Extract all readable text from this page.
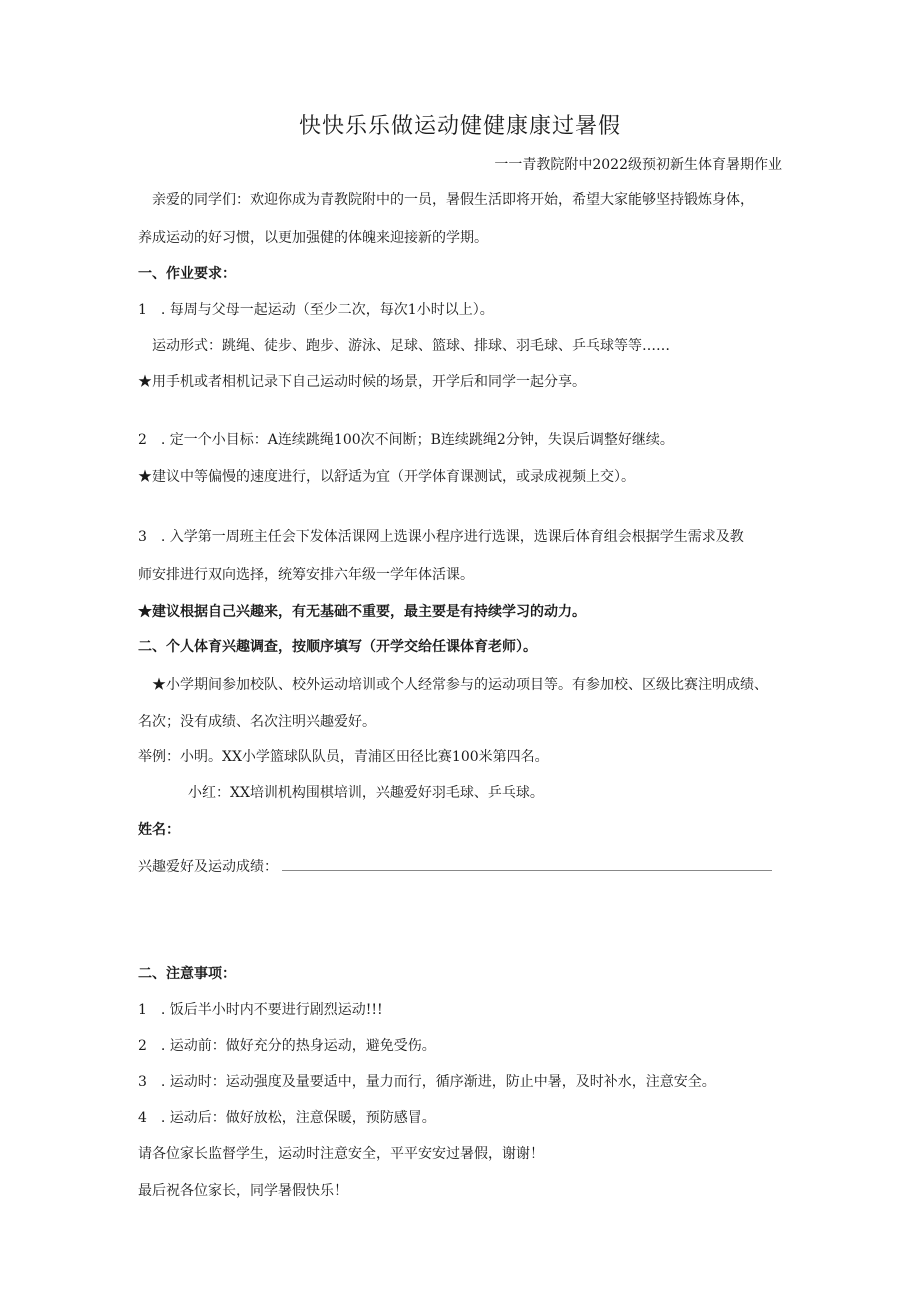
快快乐乐做运动健健康康过暑假
一一青教院附中2022级预初新生体育暑期作业
亲爱的同学们：欢迎你成为青教院附中的一员，暑假生活即将开始，希望大家能够坚持锻炼身体，
养成运动的好习惯，以更加强健的体魄来迎接新的学期。
一、作业要求：
1　. 每周与父母一起运动（至少二次，每次1小时以上）。
运动形式：跳绳、徒步、跑步、游泳、足球、篮球、排球、羽毛球、乒乓球等等……
★用手机或者相机记录下自己运动时候的场景，开学后和同学一起分享。
2　. 定一个小目标：A连续跳绳100次不间断；B连续跳绳2分钟，失误后调整好继续。
★建议中等偏慢的速度进行，以舒适为宜（开学体育课测试，或录成视频上交）。
3　. 入学第一周班主任会下发体活课网上选课小程序进行选课，选课后体育组会根据学生需求及教
师安排进行双向选择，统筹安排六年级一学年体活课。
★建议根据自己兴趣来，有无基础不重要，最主要是有持续学习的动力。
二、个人体育兴趣调查，按顺序填写（开学交给任课体育老师）。
★小学期间参加校队、校外运动培训或个人经常参与的运动项目等。有参加校、区级比赛注明成绩、
名次；没有成绩、名次注明兴趣爱好。
举例：小明。XX小学篮球队队员，青浦区田径比赛100米第四名。
小红：XX培训机构围棋培训，兴趣爱好羽毛球、乒乓球。
姓名：
兴趣爱好及运动成绩：
二、注意事项：
1　. 饭后半小时内不要进行剧烈运动!!!
2　. 运动前：做好充分的热身运动，避免受伤。
3　. 运动时：运动强度及量要适中，量力而行，循序渐进，防止中暑，及时补水，注意安全。
4　. 运动后：做好放松，注意保暖，预防感冒。
请各位家长监督学生，运动时注意安全，平平安安过暑假，谢谢！
最后祝各位家长，同学暑假快乐！
